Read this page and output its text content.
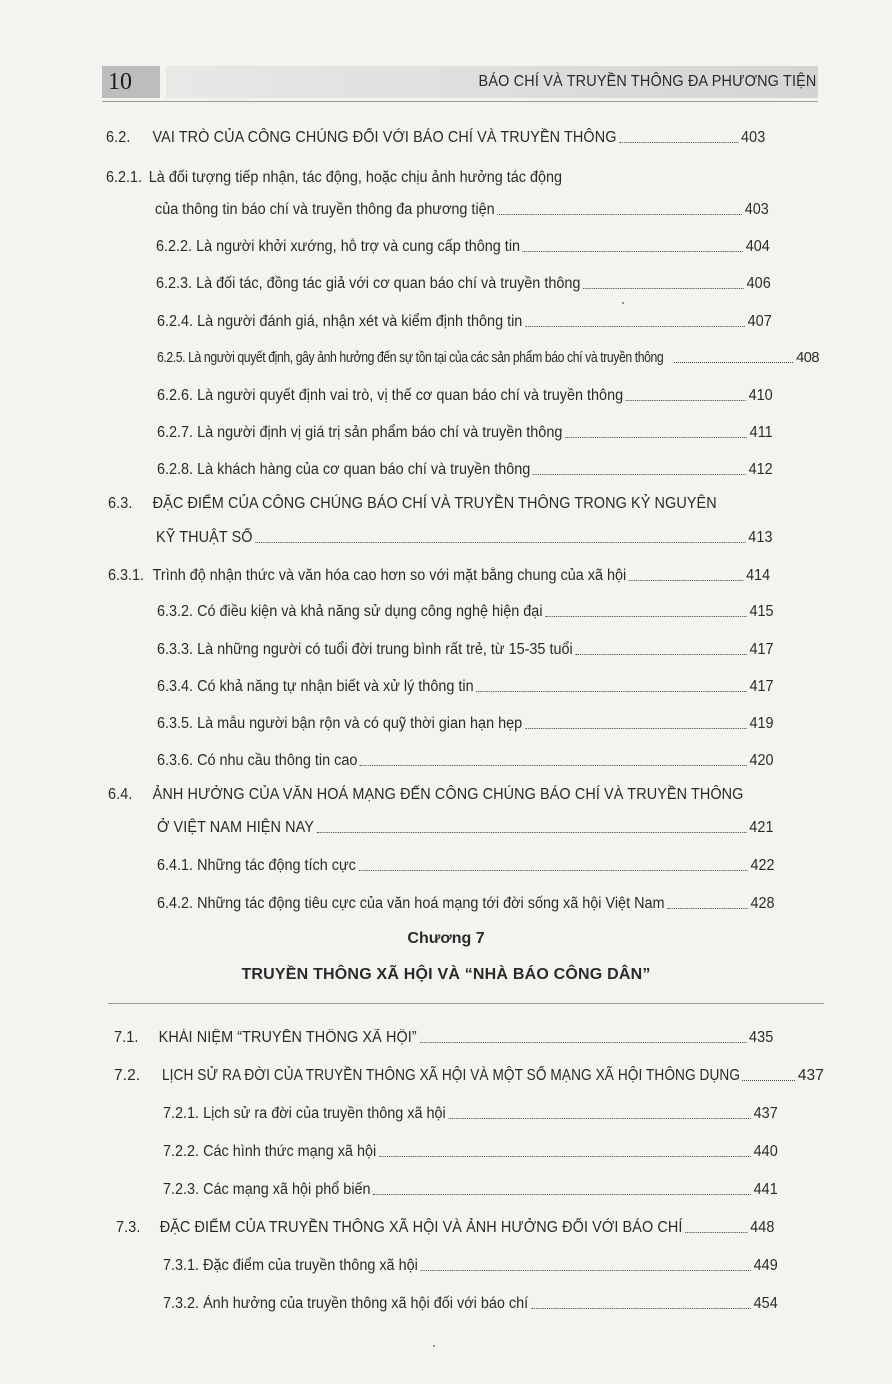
10	BÁO CHÍ VÀ TRUYỀN THÔNG ĐA PHƯƠNG TIỆN
6.2.	VAI TRÒ CỦA CÔNG CHÚNG ĐỐI VỚI BÁO CHÍ VÀ TRUYỀN THÔNG	403
6.2.1. Là đối tượng tiếp nhận, tác động, hoặc chịu ảnh hưởng tác động
của thông tin báo chí và truyền thông đa phương tiện	403
6.2.2. Là người khởi xướng, hỗ trợ và cung cấp thông tin	404
6.2.3. Là đối tác, đồng tác giả với cơ quan báo chí và truyền thông	406
6.2.4. Là người đánh giá, nhận xét và kiểm định thông tin	407
6.2.5. Là người quyết định, gây ảnh hưởng đến sự tồn tại của các sản phẩm báo chí và truyền thông	408
6.2.6. Là người quyết định vai trò, vị thế cơ quan báo chí và truyền thông	410
6.2.7. Là người định vị giá trị sản phẩm báo chí và truyền thông	411
6.2.8. Là khách hàng của cơ quan báo chí và truyền thông	412
6.3. ĐẶC ĐIỂM CỦA CÔNG CHÚNG BÁO CHÍ VÀ TRUYỀN THÔNG TRONG KỶ NGUYÊN
KỸ THUẬT SỐ	413
6.3.1. Trình độ nhận thức và văn hóa cao hơn so với mặt bằng chung của xã hội	414
6.3.2. Có điều kiện và khả năng sử dụng công nghệ hiện đại	415
6.3.3. Là những người có tuổi đời trung bình rất trẻ, từ 15-35 tuổi	417
6.3.4. Có khả năng tự nhận biết và xử lý thông tin	417
6.3.5. Là mẫu người bận rộn và có quỹ thời gian hạn hẹp	419
6.3.6. Có nhu cầu thông tin cao	420
6.4. ẢNH HƯỞNG CỦA VĂN HOÁ MẠNG ĐẾN CÔNG CHÚNG BÁO CHÍ VÀ TRUYỀN THÔNG
Ở VIỆT NAM HIỆN NAY	421
6.4.1. Những tác động tích cực	422
6.4.2. Những tác động tiêu cực của văn hoá mạng tới đời sống xã hội Việt Nam	428
Chương 7
TRUYỀN THÔNG XÃ HỘI VÀ “NHÀ BÁO CÔNG DÂN”
7.1.	KHÁI NIỆM “TRUYỀN THÔNG XÃ HỘI”	435
7.2.	LỊCH SỬ RA ĐỜI CỦA TRUYỀN THÔNG XÃ HỘI VÀ MỘT SỐ MẠNG XÃ HỘI THÔNG DỤNG	437
7.2.1. Lịch sử ra đời của truyền thông xã hội	437
7.2.2. Các hình thức mạng xã hội	440
7.2.3. Các mạng xã hội phổ biến	441
7.3.	ĐẶC ĐIỂM CỦA TRUYỀN THÔNG XÃ HỘI VÀ ẢNH HƯỞNG ĐỐI VỚI BÁO CHÍ	448
7.3.1. Đặc điểm của truyền thông xã hội	449
7.3.2. Ảnh hưởng của truyền thông xã hội đối với báo chí	454
